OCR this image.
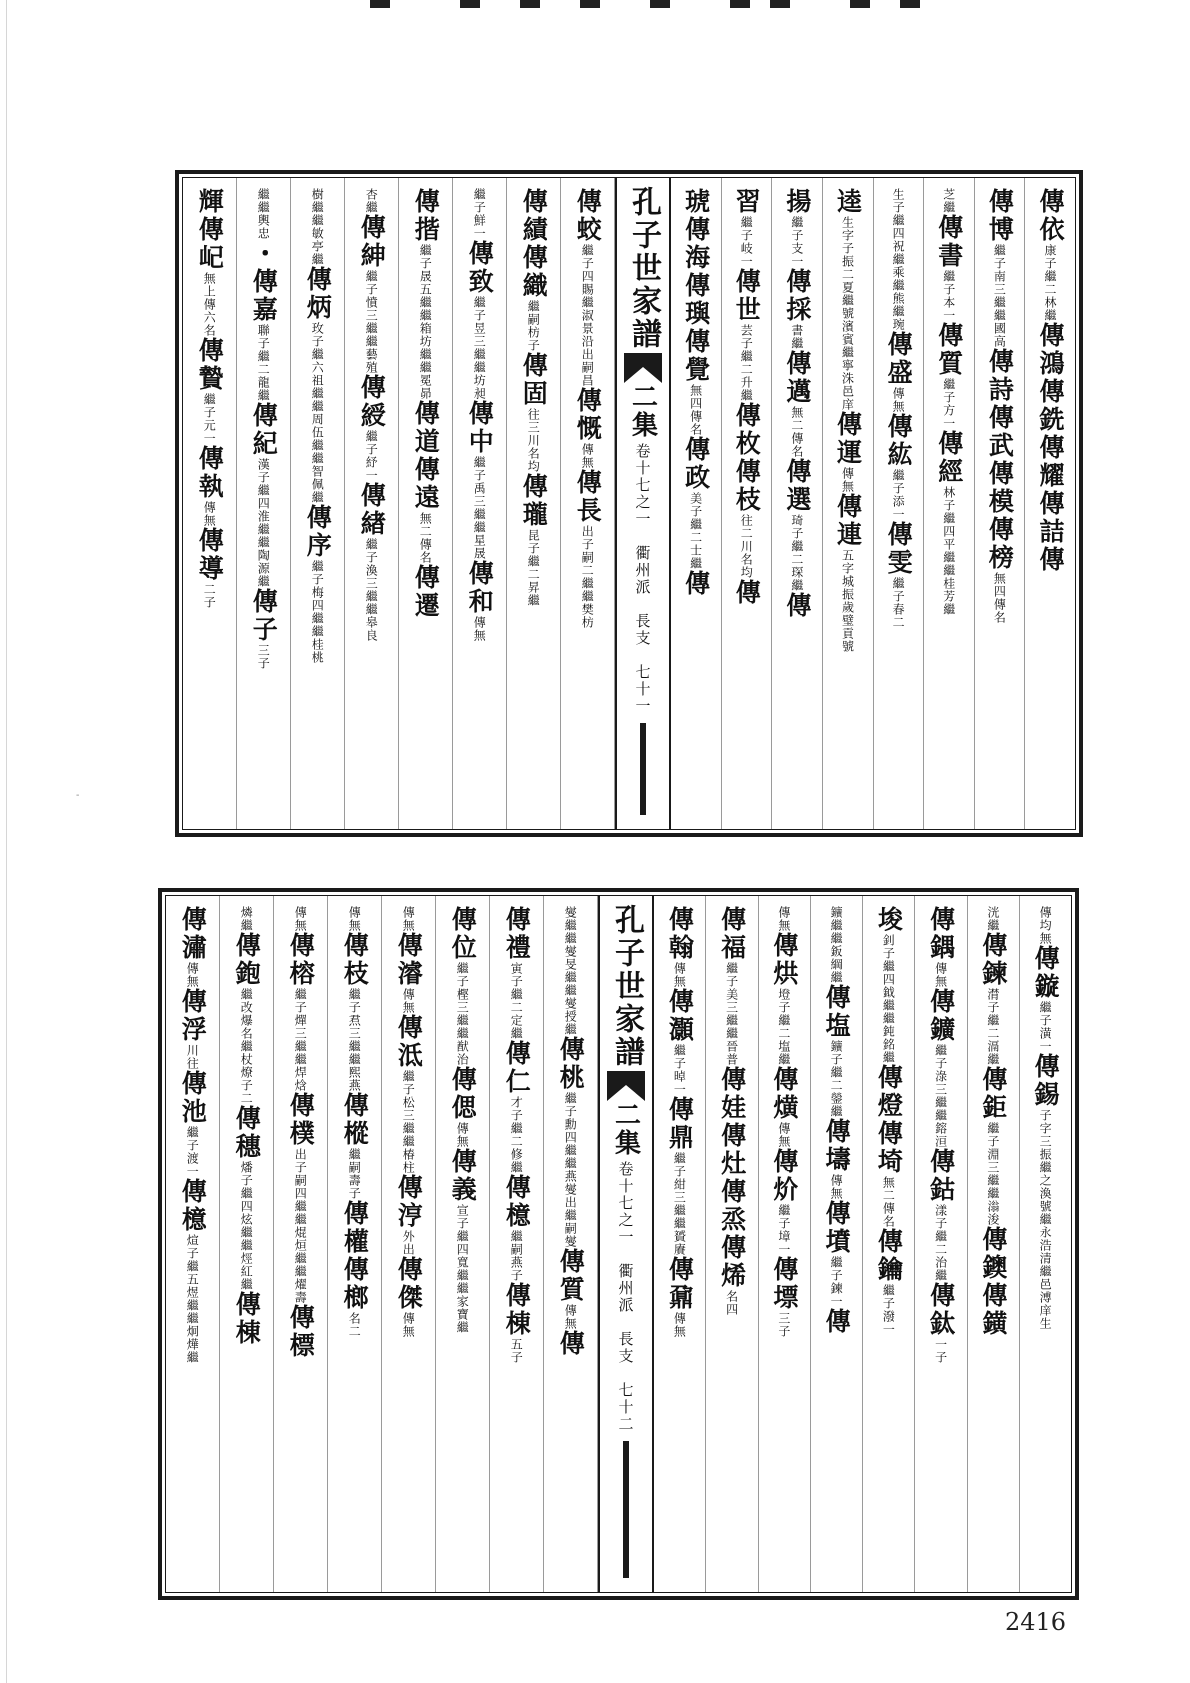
'
-
輝傳屺無上傳六名傳贄繼子元一傳執傳無傳導二子
繼繼輿忠・傳嘉聯子繼二龍繼傳紀漢子繼四淮繼繼陶源繼傳子三子
樹繼繼敏亭繼傳炳玫子繼六祖繼繼周伍繼繼智佩繼傳序繼子梅四繼繼桂桃
杏繼傳紳繼子憤三繼繼藝殖傳綬繼子紓一傳緖繼子渙三繼繼皋良
傳揩繼子晟五繼繼箱坊繼繼冕昴傳道傳遠無二傳名傳遷
繼子鮮一傳致繼子昱三繼繼坊昶傳中繼子禹三繼繼星晟傳和傳無
傳績傳織繼嗣枋子傳固往三川名均傳瓏昆子繼二昇繼
傳蛟繼子四賜繼淑景沿出嗣昌傳慨傳無傳長出子嗣二繼繼樊枋
孔子世家譜
二集
卷十七之一　衢州派　長支　七十一
琥傳海傳璵傳覺無四傳名傳政美子繼二士繼傳
習繼子岐一傳世芸子繼二升繼傳枚傳枝往二川名均傳
揚繼子支一傳採書繼傳邁無二傳名傳選琦子繼二琛繼傳
逵生字子振二夏繼號濱賓繼寧洙邑庠傳運傳無傳連五字城振歲璧貢號
生子繼四祝繼乘繼熊繼琬傳盛傳無傳紘繼子添一傳雯繼子春二
芝繼傳書繼子本一傳質繼子方一傳經林子繼四平繼繼桂芳繼
傳博繼子南三繼繼國高傳詩傳武傳模傳榜無四傳名
傳依康子繼二林繼傳鴻傳銑傳耀傳詰傳
傳潚傳無傳浮川往傳池繼子渡一傳檍煊子繼五煜繼繼炯燁繼
燐繼傳鉋繼改爆名繼杖燎子二傳穗燔子繼四炫繼繼烴紅繼傳棟
傳無傳榕繼子燀三繼繼焊焓傳樸出子嗣四繼繼焜烜繼繼燿壽傳標
傳無傳枝繼子焄三繼繼熙燕傳樅繼嗣壽子傳權傳榔名二
傳無傳濬傳無傳泜繼子松三繼繼椿柱傳涥外出傳傑傳無
傳位繼子樫三繼繼猷治傳偲傳無傳義宣子繼四寬繼繼家寶繼
傳禮寅子繼二定繼傳仁才子繼二修繼傳檍繼嗣燕子傳棟五子
燮繼繼燮旻繼繼燮授繼傳桃繼子勳四繼繼燕燮出繼嗣燮傳質傳無傳
孔子世家譜
二集
卷十七之一　衢州派　長支　七十二
傳翰傳無傳灝繼子晫一傳鼎繼子紺三繼繼贇賡傳鼐傳無
傳福繼子美三繼繼晉普傳娃傳灶傳烝傳烯名四
傳無傳烘墱子繼二塩繼傳熿傳無傳炌繼子墇一傳墂三子
鑛繼繼鈑綱繼傳塩鑛子繼二鎣繼傳壔傳無傳墳繼子鍊一傳
埈釗子繼四鉞繼繼鈍銘繼傳燈傳埼無二傳名傳鑰繼子潑一
傳鍝傳無傳鑛繼子淥三繼繼鎔洹傳鈷漾子繼二治繼傳鈦一子
洸繼傳鍊潸子繼二滆繼傳鉅繼子淵三繼繼滃浚傳鐭傳鐄
傳均無傳鏇繼子潢一傳錫子字三振繼之渙號繼永浩清繼邑溥庠生
2416
